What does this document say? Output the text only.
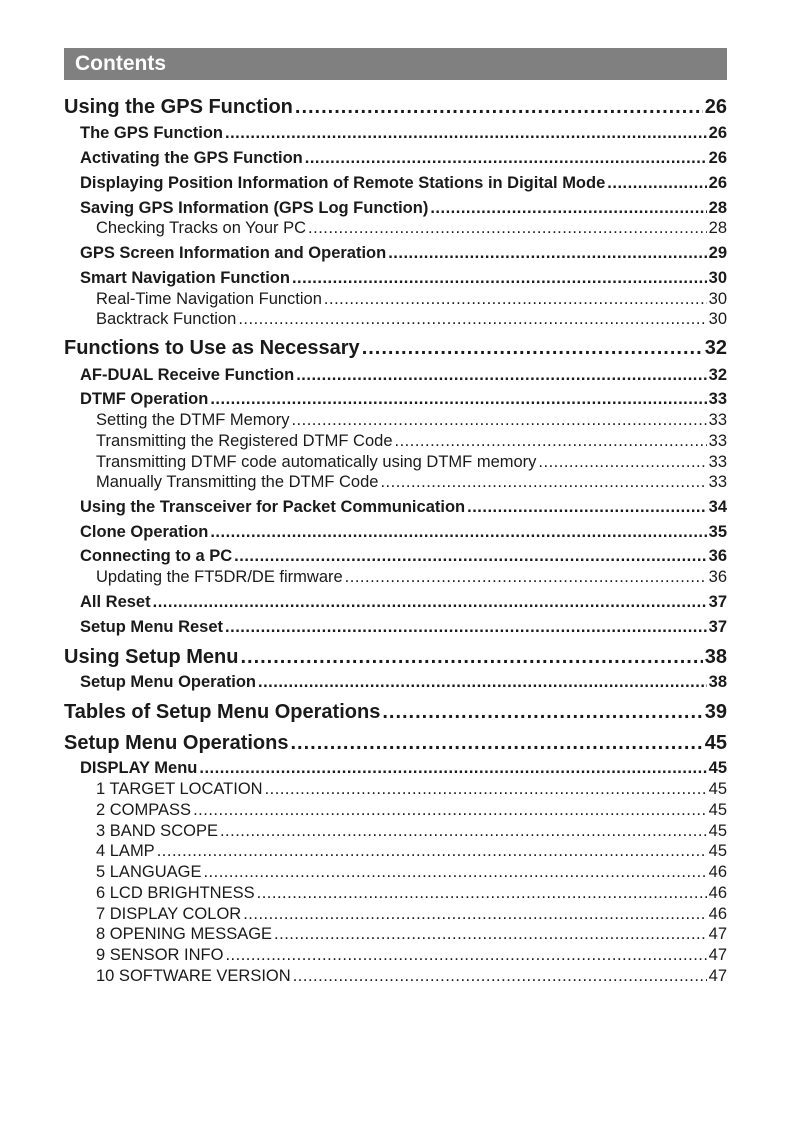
Contents
Using the GPS Function .....	26
The GPS Function .....	26
Activating the GPS Function .....	26
Displaying Position Information of Remote Stations in Digital Mode .....	26
Saving GPS Information (GPS Log Function) .....	28
Checking Tracks on Your PC .....	28
GPS Screen Information and Operation .....	29
Smart Navigation Function .....	30
Real-Time Navigation Function .....	30
Backtrack Function .....	30
Functions to Use as Necessary .....	32
AF-DUAL Receive Function .....	32
DTMF Operation .....	33
Setting the DTMF Memory .....	33
Transmitting the Registered DTMF Code .....	33
Transmitting DTMF code automatically using DTMF memory .....	33
Manually Transmitting the DTMF Code .....	33
Using the Transceiver for Packet Communication .....	34
Clone Operation .....	35
Connecting to a PC .....	36
Updating the FT5DR/DE firmware .....	36
All Reset .....	37
Setup Menu Reset .....	37
Using Setup Menu .....	38
Setup Menu Operation .....	38
Tables of Setup Menu Operations .....	39
Setup Menu Operations .....	45
DISPLAY Menu .....	45
1 TARGET LOCATION .....	45
2 COMPASS .....	45
3 BAND SCOPE .....	45
4 LAMP .....	45
5 LANGUAGE .....	46
6 LCD BRIGHTNESS .....	46
7 DISPLAY COLOR .....	46
8 OPENING MESSAGE .....	47
9 SENSOR INFO .....	47
10 SOFTWARE VERSION .....	47
